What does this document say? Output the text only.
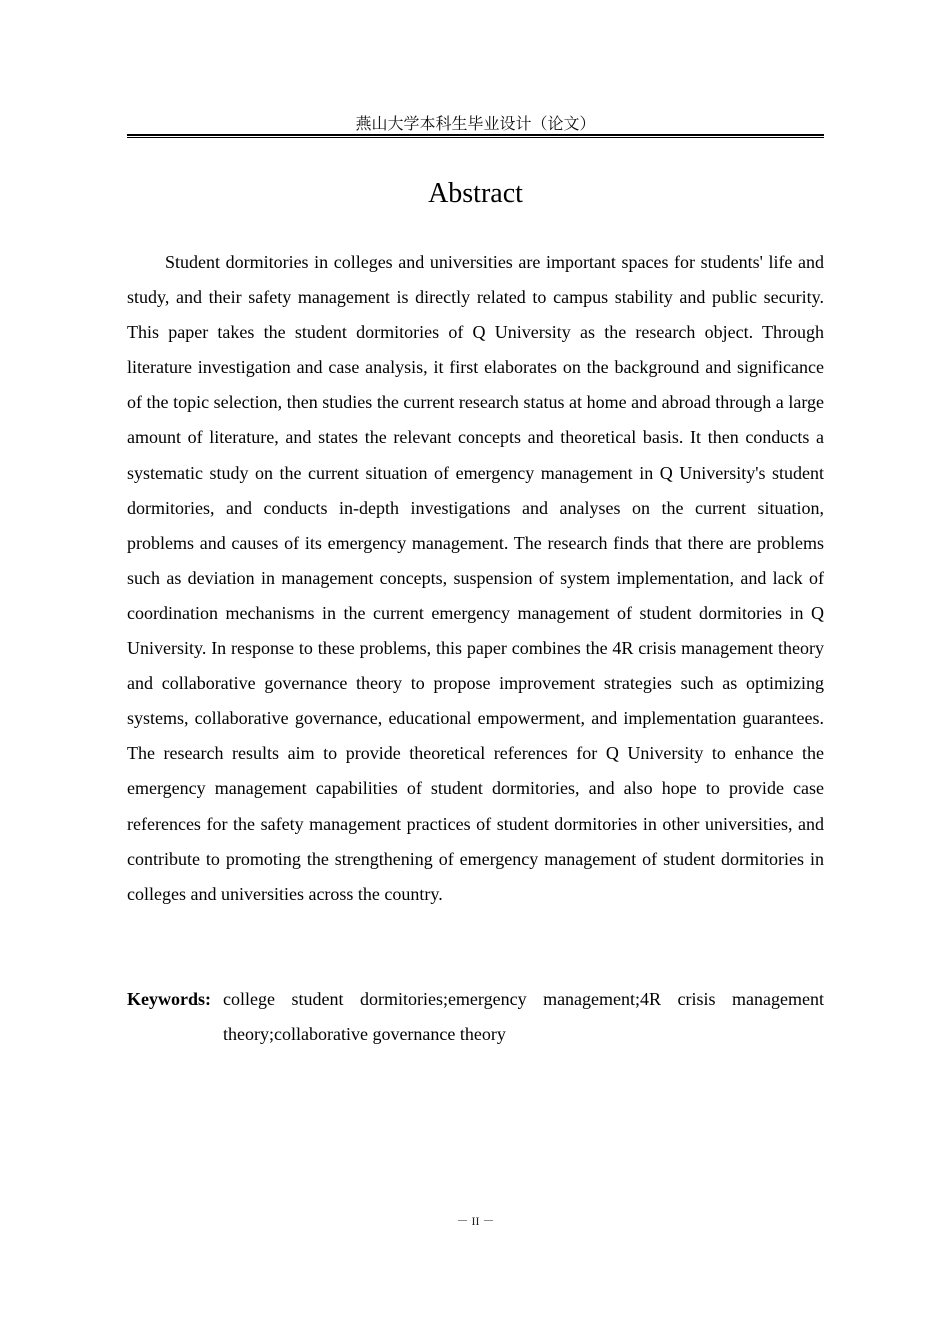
燕山大学本科生毕业设计（论文）
Abstract

Student dormitories in colleges and universities are important spaces for students' life and study, and their safety management is directly related to campus stability and public security. This paper takes the student dormitories of Q University as the research object. Through literature investigation and case analysis, it first elaborates on the background and significance of the topic selection, then studies the current research status at home and abroad through a large amount of literature, and states the relevant concepts and theoretical basis. It then conducts a systematic study on the current situation of emergency management in Q University's student dormitories, and conducts in-depth investigations and analyses on the current situation, problems and causes of its emergency management. The research finds that there are problems such as deviation in management concepts, suspension of system implementation, and lack of coordination mechanisms in the current emergency management of student dormitories in Q University. In response to these problems, this paper combines the 4R crisis management theory and collaborative governance theory to propose improvement strategies such as optimizing systems, collaborative governance, educational empowerment, and implementation guarantees. The research results aim to provide theoretical references for Q University to enhance the emergency management capabilities of student dormitories, and also hope to provide case references for the safety management practices of student dormitories in other universities, and contribute to promoting the strengthening of emergency management of student dormitories in colleges and universities across the country.

Keywords: college student dormitories;emergency management;4R crisis management theory;collaborative governance theory
－ II －
